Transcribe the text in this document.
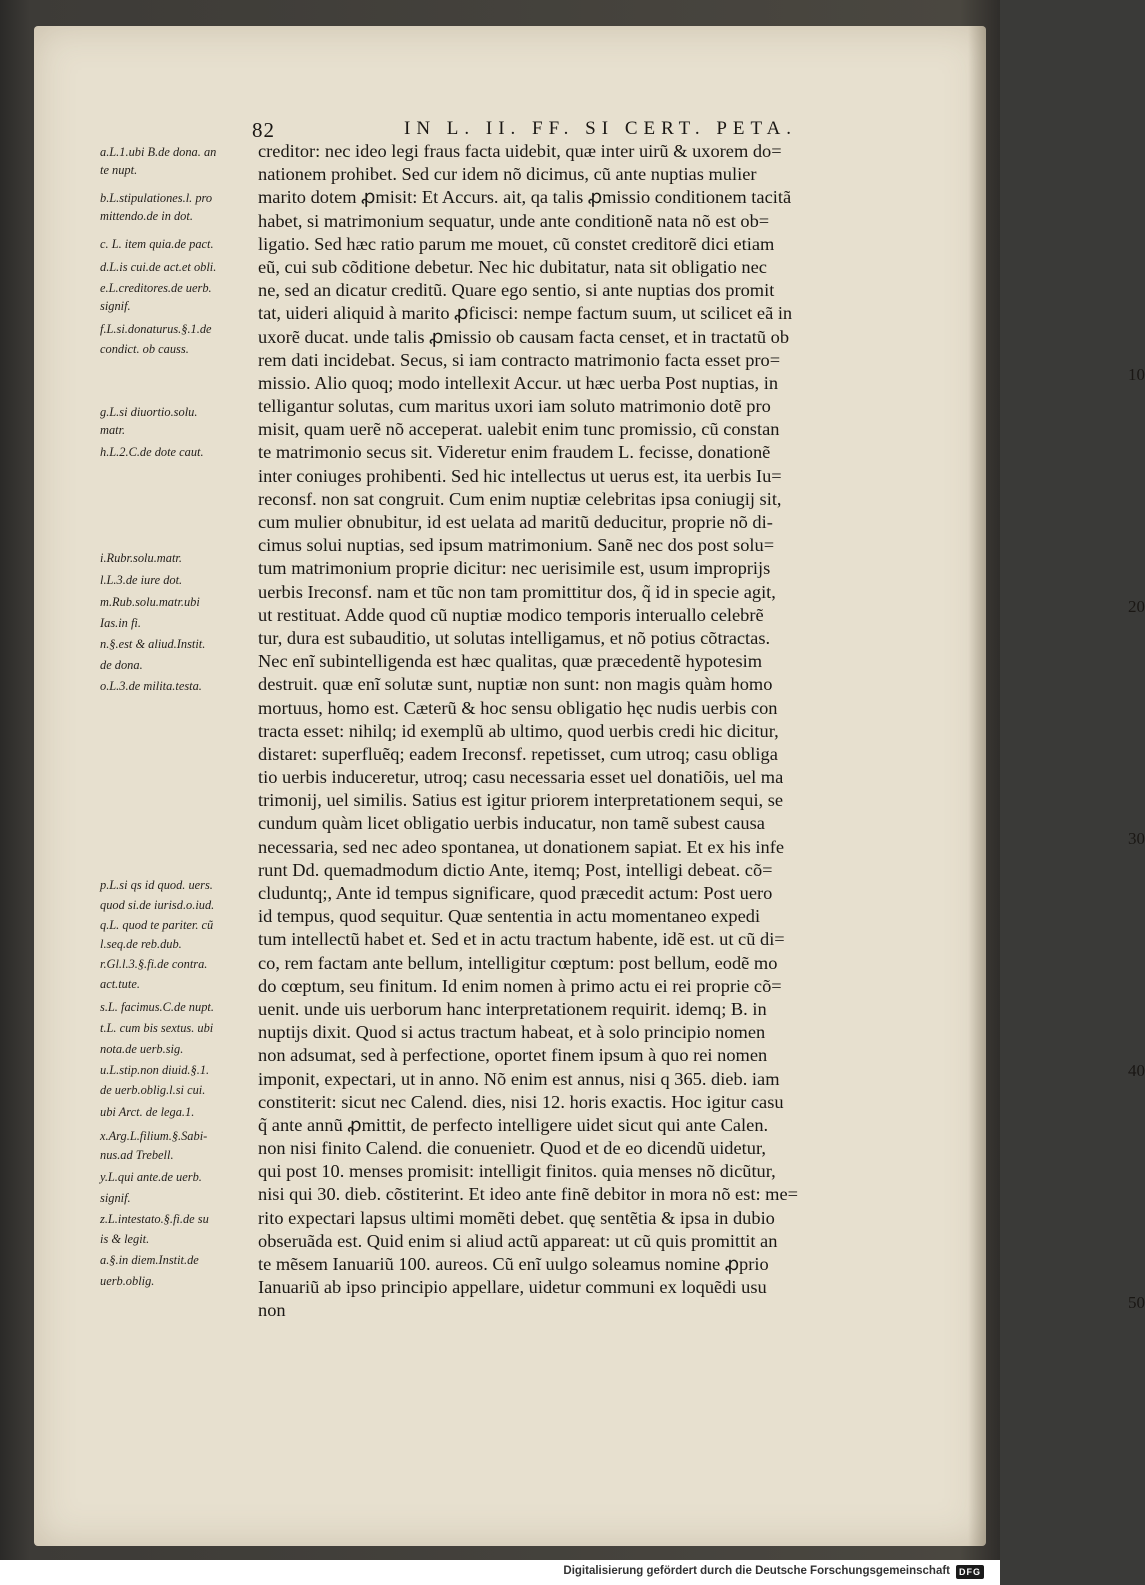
82	IN L. II. FF. SI CERT. PETA.
a.L.1.ubi B.de dona. an
te nupt.
b.L.stipulationes.l. pro
mittendo.de in dot.
c. L. item quia.de pact.
d.L.is cui.de act.et obli.
e.L.creditores.de uerb.
signif.
f.L.si.donaturus.§.1.de
condict. ob causs.
g.L.si diuortio.solu.
matr.
h.L.2.C.de dote caut.
i.Rubr.solu.matr.
l.L.3.de iure dot.
m.Rub.solu.matr.ubi
Ias.in fi.
n.§.est & aliud.Instit.
de dona.
o.L.3.de milita.testa.
p.L.si qs id quod. uers.
quod si.de iurisd.o.iud.
q.L. quod te pariter. cũ
l.seq.de reb.dub.
r.Gl.l.3.§.fi.de contra.
act.tute.
s.L. facimus.C.de nupt.
t.L. cum bis sextus. ubi
nota.de uerb.sig.
u.L.stip.non diuid.§.1.
de uerb.oblig.l.si cui.
ubi Arct. de lega.1.
x.Arg.L.filium.§.Sabi-
nus.ad Trebell.
y.L.qui ante.de uerb.
signif.
z.L.intestato.§.fi.de su
is & legit.
a.§.in diem.Instit.de
uerb.oblig.
10
20
30
40
50
creditor: nec ideo legi fraus facta uidebit, quæ inter uirũ & uxorem do=
nationem prohibet. Sed cur idem nõ dicimus, cũ ante nuptias mulier
marito dotem ꝓmisit: Et Accurs. ait, qa talis ꝓmissio conditionem tacitã
habet, si matrimonium sequatur, unde ante conditionẽ nata nõ est ob=
ligatio. Sed hæc ratio parum me mouet, cũ constet creditorẽ dici etiam
eũ, cui sub cõditione debetur. Nec hic dubitatur, nata sit obligatio nec
ne, sed an dicatur creditũ. Quare ego sentio, si ante nuptias dos promit
tat, uideri aliquid à marito ꝓficisci: nempe factum suum, ut scilicet eã in
uxorẽ ducat. unde talis ꝓmissio ob causam facta censet, et in tractatũ ob
rem dati incidebat. Secus, si iam contracto matrimonio facta esset pro=
missio. Alio quoq; modo intellexit Accur. ut hæc uerba Post nuptias, in
telligantur solutas, cum maritus uxori iam soluto matrimonio dotẽ pro
misit, quam uerẽ nõ acceperat. ualebit enim tunc promissio, cũ constan
te matrimonio secus sit. Videretur enim fraudem L. fecisse, donationẽ
inter coniuges prohibenti. Sed hic intellectus ut uerus est, ita uerbis Iu=
reconsf. non sat congruit. Cum enim nuptiæ celebritas ipsa coniugij sit,
cum mulier obnubitur, id est uelata ad maritũ deducitur, proprie nõ di-
cimus solui nuptias, sed ipsum matrimonium. Sanẽ nec dos post solu=
tum matrimonium proprie dicitur: nec uerisimile est, usum improprijs
uerbis Ireconsf. nam et tũc non tam promittitur dos, q̃ id in specie agit,
ut restituat. Adde quod cũ nuptiæ modico temporis interuallo celebrẽ
tur, dura est subauditio, ut solutas intelligamus, et nõ potius cõtractas.
Nec enĩ subintelligenda est hæc qualitas, quæ præcedentẽ hypotesim
destruit. quæ enĩ solutæ sunt, nuptiæ non sunt: non magis quàm homo
mortuus, homo est. Cæterũ & hoc sensu obligatio hęc nudis uerbis con
tracta esset: nihilq; id exemplũ ab ultimo, quod uerbis credi hic dicitur,
distaret: superfluẽq; eadem Ireconsf. repetisset, cum utroq; casu obliga
tio uerbis induceretur, utroq; casu necessaria esset uel donatiõis, uel ma
trimonij, uel similis. Satius est igitur priorem interpretationem sequi, se
cundum quàm licet obligatio uerbis inducatur, non tamẽ subest causa
necessaria, sed nec adeo spontanea, ut donationem sapiat. Et ex his infe
runt Dd. quemadmodum dictio Ante, itemq; Post, intelligi debeat. cõ=
cluduntq;, Ante id tempus significare, quod præcedit actum: Post uero
id tempus, quod sequitur. Quæ sententia in actu momentaneo expedi
tum intellectũ habet et. Sed et in actu tractum habente, idẽ est. ut cũ di=
co, rem factam ante bellum, intelligitur cœptum: post bellum, eodẽ mo
do cœptum, seu finitum. Id enim nomen à primo actu ei rei proprie cõ=
uenit. unde uis uerborum hanc interpretationem requirit. idemq; B. in
nuptijs dixit. Quod si actus tractum habeat, et à solo principio nomen
non adsumat, sed à perfectione, oportet finem ipsum à quo rei nomen
imponit, expectari, ut in anno. Nõ enim est annus, nisi q 365. dieb. iam
constiterit: sicut nec Calend. dies, nisi 12. horis exactis. Hoc igitur casu
q̃ ante annũ ꝓmittit, de perfecto intelligere uidet sicut qui ante Calen.
non nisi finito Calend. die conuenietr. Quod et de eo dicendũ uidetur,
qui post 10. menses promisit: intelligit finitos. quia menses nõ dicũtur,
nisi qui 30. dieb. cõstiterint. Et ideo ante finẽ debitor in mora nõ est: me=
rito expectari lapsus ultimi momẽti debet. quę sentẽtia & ipsa in dubio
obseruãda est. Quid enim si aliud actũ appareat: ut cũ quis promittit an
te mẽsem Ianuariũ 100. aureos. Cũ enĩ uulgo soleamus nomine ꝓprio
Ianuariũ ab ipso principio appellare, uidetur communi ex loquẽdi usu
non
Digitalisierung gefördert durch die Deutsche Forschungsgemeinschaft	DFG
